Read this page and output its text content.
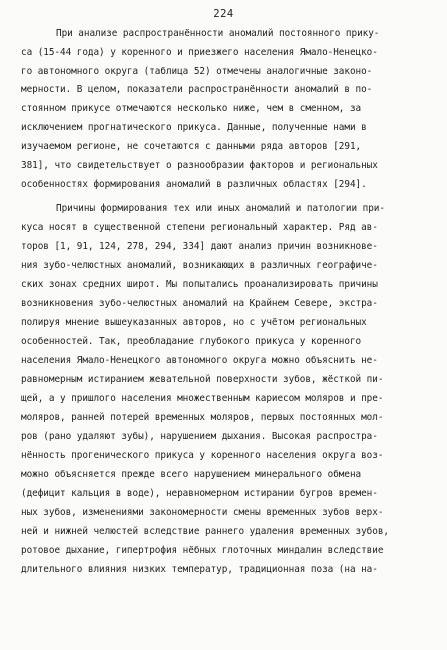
224
При анализе распространённости аномалий постоянного прику-
са (15-44 года) у коренного и приезжего населения Ямало-Ненецко-
го автономного округа (таблица 52) отмечены аналогичные законо-
мерности. В целом, показатели распространённости аномалий в по-
стоянном прикусе отмечаются несколько ниже, чем в сменном, за
исключением прогнатического прикуса. Данные, полученные нами в
изучаемом регионе, не сочетаются с данными ряда авторов [291,
381], что свидетельствует о разнообразии факторов и региональных
особенностях формирования аномалий в различных областях [294].
Причины формирования тех или иных аномалий и патологии при-
куса носят в существенной степени региональный характер. Ряд ав-
торов [1, 91, 124, 278, 294, 334] дают анализ причин возникнове-
ния зубо-челюстных аномалий, возникающих в различных географиче-
ских зонах средних широт. Мы попытались проанализировать причины
возникновения зубо-челюстных аномалий на Крайнем Севере, экстра-
полируя мнение вышеуказанных авторов, но с учётом региональных
особенностей. Так, преобладание глубокого прикуса у коренного
населения Ямало-Ненецкого автономного округа можно объяснить не-
равномерным истиранием жевательной поверхности зубов, жёсткой пи-
щей, а у пришлого населения множественным кариесом моляров и пре-
моляров, ранней потерей временных моляров, первых постоянных мол-
ров (рано удаляют зубы), нарушением дыхания. Высокая распростра-
нённость прогенического прикуса у коренного населения округа воз-
можно объясняется прежде всего нарушением минерального обмена
(дефицит кальция в воде), неравномерном истирании бугров времен-
ных зубов, изменениями закономерности смены временных зубов верх-
ней и нижней челюстей вследствие раннего удаления временных зубов,
ротовое дыхание, гипертрофия нёбных глоточных миндалин вследствие
длительного влияния низких температур, традиционная поза (на на-
